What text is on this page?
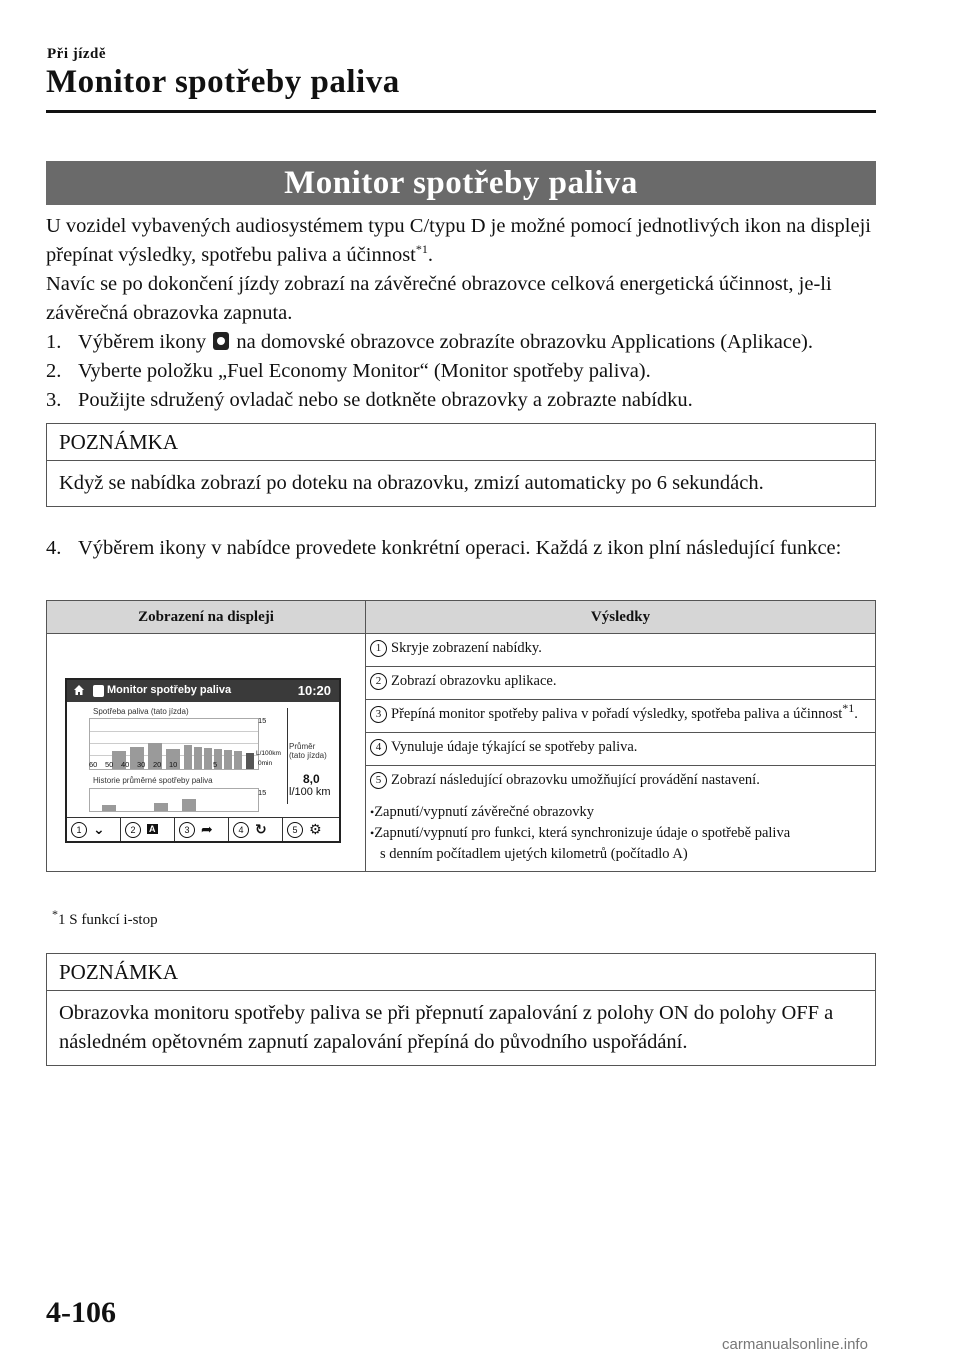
Při jízdě
Monitor spotřeby paliva
Monitor spotřeby paliva

U vozidel vybavených audiosystémem typu C/typu D je možné pomocí jednotlivých ikon na displeji přepínat výsledky, spotřebu paliva a účinnost$^{*1}$.

Navíc se po dokončení jízdy zobrazí na závěrečné obrazovce celková energetická účinnost, je-li závěrečná obrazovka zapnuta.

1. Výběrem ikony na domovské obrazovce zobrazíte obrazovku Applications (Aplikace).
2. Vyberte položku „Fuel Economy Monitor“ (Monitor spotřeby paliva).
3. Použijte sdružený ovladač nebo se dotkněte obrazovky a zobrazte nabídku.
POZNÁMKA
Když se nabídka zobrazí po doteku na obrazovku, zmizí automaticky po 6 sekundách.
4. Výběrem ikony v nabídce provedete konkrétní operaci. Každá z ikon plní následující funkce:
Zobrazení na displeji	Výsledky
	1 Skryje zobrazení nabídky.
	2 Zobrazí obrazovku aplikace.
	3 Přepíná monitor spotřeby paliva v pořadí výsledky, spotřeba paliva a účinnost$^{*1}$.
	4 Vynuluje údaje týkající se spotřeby paliva.
	5 Zobrazí následující obrazovku umožňující provádění nastavení.

	•Zapnutí/vypnutí závěrečné obrazovky
•Zapnutí/vypnutí pro funkci, která synchronizuje údaje o spotřebě paliva
s denním počítadlem ujetých kilometrů (počítadlo A)
Monitor spotřeby paliva	10:20
Spotřeba paliva (tato jízda)
15
L/100km
0min
60 50 40 30 20 10	5
Průměr
(tato jízda)
8,0
l/100 km
Historie průměrné spotřeby paliva
15
1 ⌄	2	A	3 ➦	4 ↻	5 ⚙
*1 S funkcí i-stop
POZNÁMKA
Obrazovka monitoru spotřeby paliva se při přepnutí zapalování z polohy ON do polohy OFF a následném opětovném zapnutí zapalování přepíná do původního uspořádání.
4-106
carmanualsonline.info
